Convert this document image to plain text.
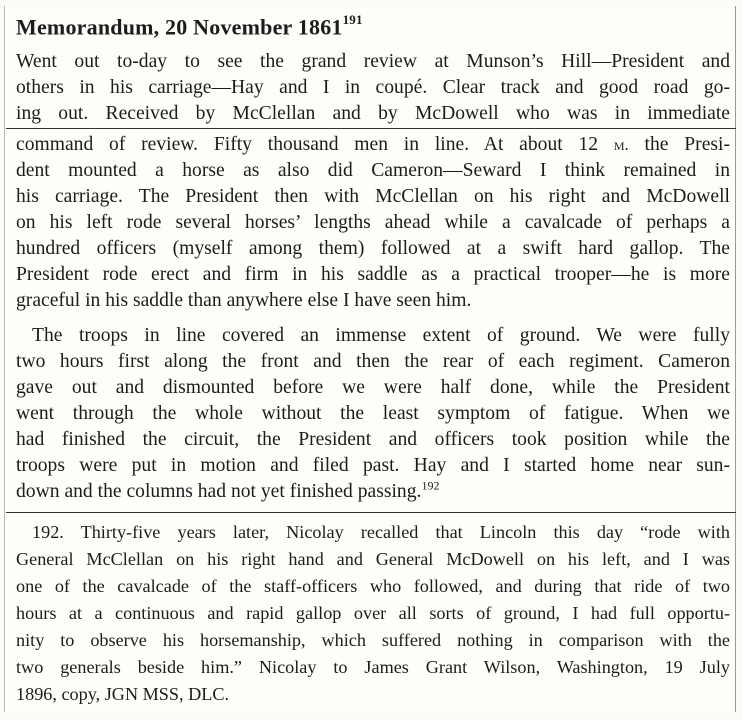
Memorandum, 20 November 1861$^{191}$
Went out to-day to see the grand review at Munson’s Hill—President and
others in his carriage—Hay and I in coupé. Clear track and good road go-
ing out. Received by McClellan and by McDowell who was in immediate
command of review. Fifty thousand men in line. At about 12 m. the Presi-
dent mounted a horse as also did Cameron—Seward I think remained in
his carriage. The President then with McClellan on his right and McDowell
on his left rode several horses’ lengths ahead while a cavalcade of perhaps a
hundred officers (myself among them) followed at a swift hard gallop. The
President rode erect and firm in his saddle as a practical trooper—he is more
graceful in his saddle than anywhere else I have seen him.
The troops in line covered an immense extent of ground. We were fully
two hours first along the front and then the rear of each regiment. Cameron
gave out and dismounted before we were half done, while the President
went through the whole without the least symptom of fatigue. When we
had finished the circuit, the President and officers took position while the
troops were put in motion and filed past. Hay and I started home near sun-
down and the columns had not yet finished passing.$^{192}$
192. Thirty-five years later, Nicolay recalled that Lincoln this day “rode with
General McClellan on his right hand and General McDowell on his left, and I was
one of the cavalcade of the staff-officers who followed, and during that ride of two
hours at a continuous and rapid gallop over all sorts of ground, I had full opportu-
nity to observe his horsemanship, which suffered nothing in comparison with the
two generals beside him.” Nicolay to James Grant Wilson, Washington, 19 July
1896, copy, JGN MSS, DLC.
